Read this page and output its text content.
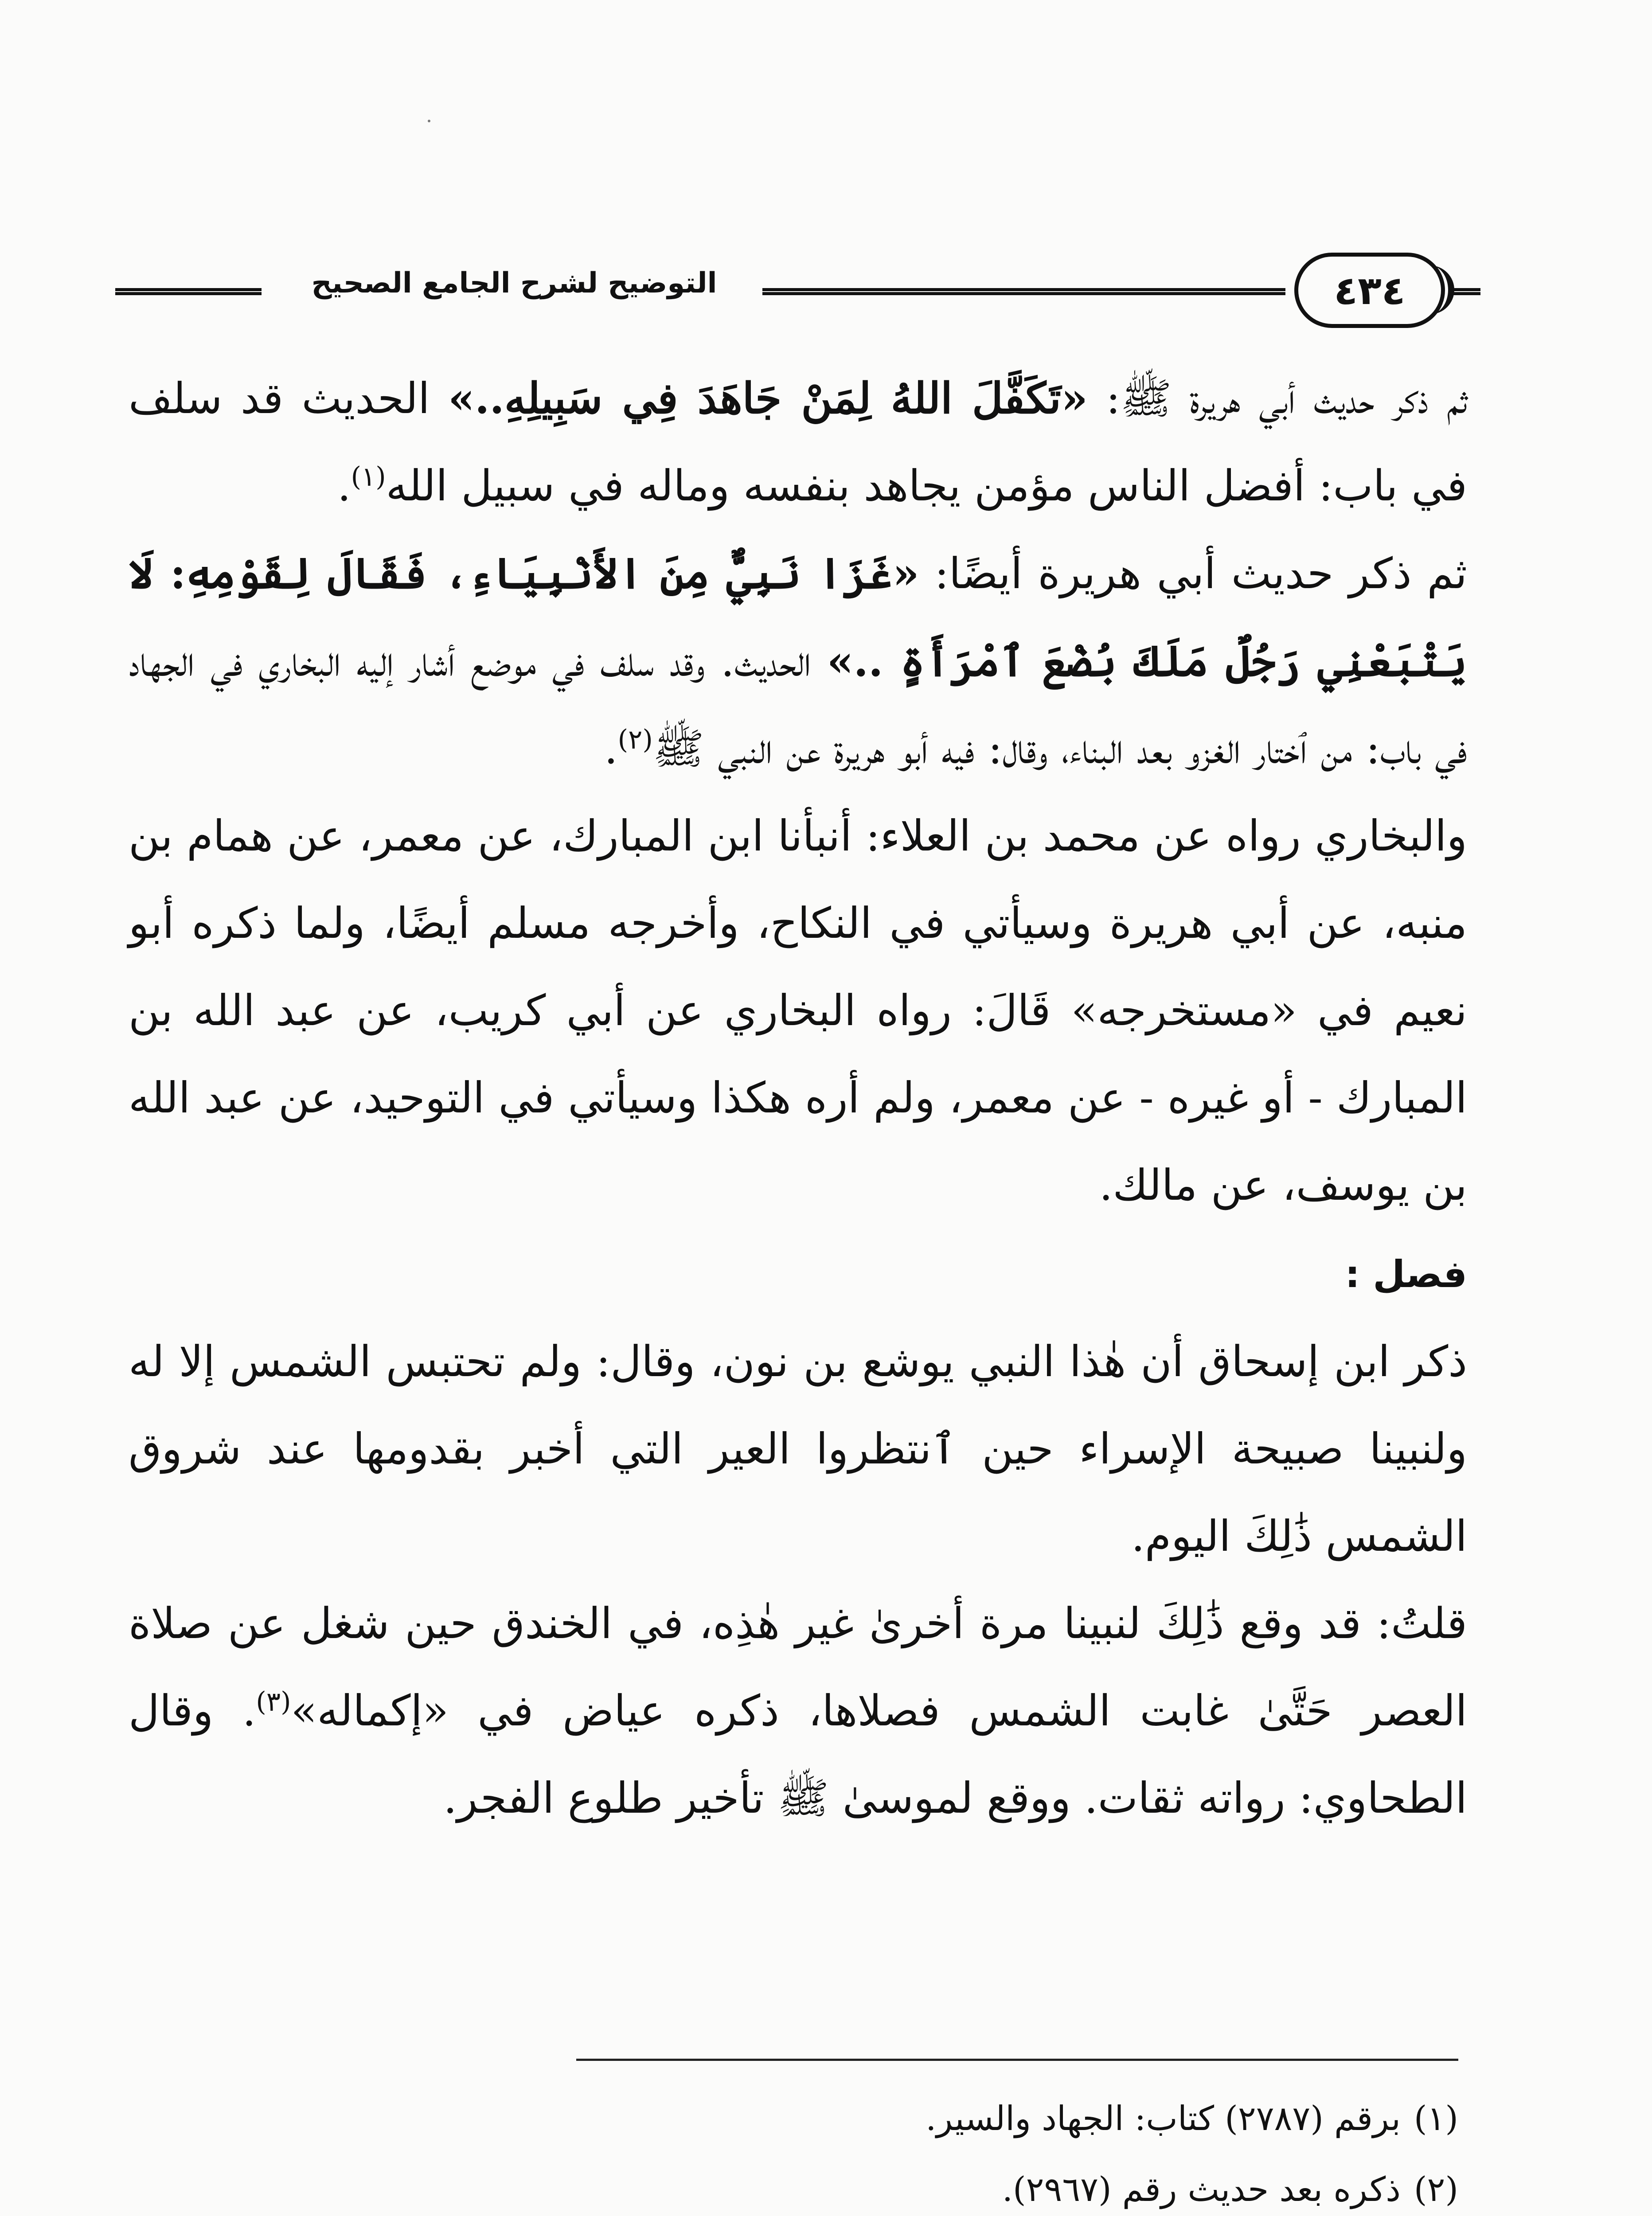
التوضيح لشرح الجامع الصحيح	٤٣٤

ثم ذكر حديث أبي هريرة ﷺ: «تَكَفَّلَ اللهُ لِمَنْ جَاهَدَ فِي سَبِيلِهِ..» الحديث قد سلف في باب: أفضل الناس مؤمن يجاهد بنفسه وماله في سبيل الله$^{(١)}$.

ثم ذكر حديث أبي هريرة أيضًا: «غَزَا نَبِيٌّ مِنَ الأَنْبِيَاءِ، فَقَالَ لِقَوْمِهِ: لَا يَتْبَعْنِي رَجُلٌ مَلَكَ بُضْعَ ٱمْرَأَةٍ ..» الحديث. وقد سلف في موضع أشار إليه البخاري في الجهاد في باب: من ٱختار الغزو بعد البناء، وقال: فيه أبو هريرة عن النبي ﷺ$^{(٢)}$.

والبخاري رواه عن محمد بن العلاء: أنبأنا ابن المبارك، عن معمر، عن همام بن منبه، عن أبي هريرة وسيأتي في النكاح، وأخرجه مسلم أيضًا، ولما ذكره أبو نعيم في «مستخرجه» قَالَ: رواه البخاري عن أبي كريب، عن عبد الله بن المبارك - أو غيره - عن معمر، ولم أره هكذا وسيأتي في التوحيد، عن عبد الله بن يوسف، عن مالك.

فصل :

ذكر ابن إسحاق أن هٰذا النبي يوشع بن نون، وقال: ولم تحتبس الشمس إلا له ولنبينا صبيحة الإسراء حين ٱنتظروا العير التي أخبر بقدومها عند شروق الشمس ذَٰلِكَ اليوم.

قلتُ: قد وقع ذَٰلِكَ لنبينا مرة أخرىٰ غير هٰذِه، في الخندق حين شغل عن صلاة العصر حَتَّىٰ غابت الشمس فصلاها، ذكره عياض في «إكماله»$^{(٣)}$. وقال الطحاوي: رواته ثقات. ووقع لموسىٰ ﷺ تأخير طلوع الفجر.

(١)برقم (٢٧٨٧) كتاب: الجهاد والسير.
(٢)ذكره بعد حديث رقم (٢٩٦٧).
